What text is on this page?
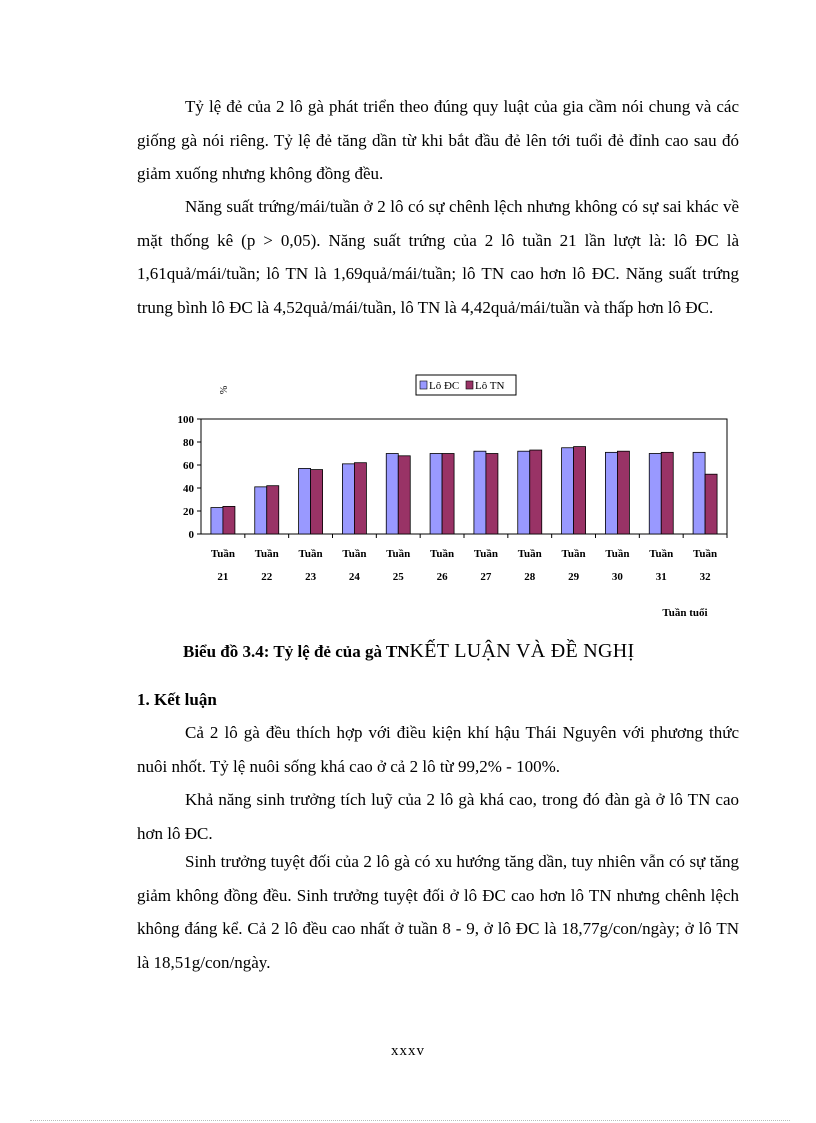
Tỷ lệ đẻ của 2 lô gà phát triển theo đúng quy luật của gia cầm nói chung và các giống gà nói riêng. Tỷ lệ đẻ tăng dần từ khi bắt đầu đẻ lên tới tuổi đẻ đỉnh cao sau đó giảm xuống nhưng không đồng đều.

Năng suất trứng/mái/tuần ở 2 lô có sự chênh lệch nhưng không có sự sai khác về mặt thống kê (p > 0,05). Năng suất trứng của 2 lô tuần 21 lần lượt là: lô ĐC là 1,61quả/mái/tuần; lô TN là 1,69quả/mái/tuần; lô TN cao hơn lô ĐC. Năng suất trứng trung bình lô ĐC là 4,52quả/mái/tuần, lô TN là 4,42quả/mái/tuần và thấp hơn lô ĐC.

Lô ĐC Lô TN
0
20
40
60
80
100
%
Tuần
21
Tuần
22
Tuần
23
Tuần
24
Tuần
25
Tuần
26
Tuần
27
Tuần
28
Tuần
29
Tuần
30
Tuần
31
Tuần
32
Tuần tuổi
Biểu đồ 3.4: Tỷ lệ đẻ của gà TNKẾT LUẬN VÀ ĐỀ NGHỊ
1. Kết luận

Cả 2 lô gà đều thích hợp với điều kiện khí hậu Thái Nguyên với phương thức nuôi nhốt. Tỷ lệ nuôi sống khá cao ở cả 2 lô từ 99,2% - 100%.

Khả năng sinh trưởng tích luỹ của 2 lô gà khá cao, trong đó đàn gà ở lô TN cao hơn lô ĐC.

Sinh trưởng tuyệt đối của 2 lô gà có xu hướng tăng dần, tuy nhiên vẫn có sự tăng giảm không đồng đều. Sinh trưởng tuyệt đối ở lô ĐC cao hơn lô TN nhưng chênh lệch không đáng kể. Cả 2 lô đều cao nhất ở tuần 8 - 9, ở lô ĐC là 18,77g/con/ngày; ở lô TN là 18,51g/con/ngày.

xxxv
